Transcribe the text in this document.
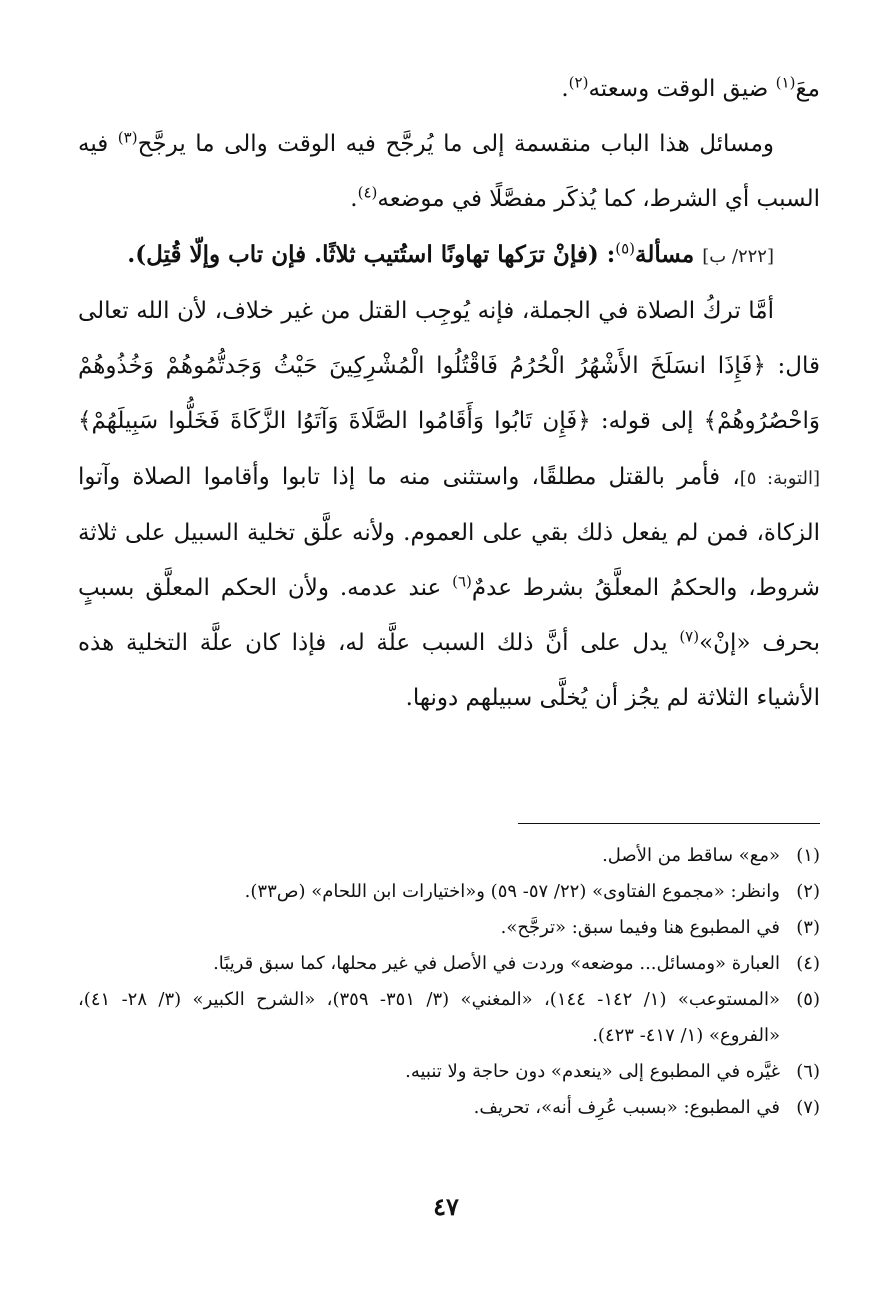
معَ$^{(١)}$ ضيق الوقت وسعته$^{(٢)}$.

ومسائل هذا الباب منقسمة إلى ما يُرجَّح فيه الوقت والى ما يرجَّح$^{(٣)}$ فيه السبب أي الشرط، كما يُذكَر مفصَّلًا في موضعه$^{(٤)}$.

[٢٢٢/ ب] مسألة$^{(٥)}$: (فإنْ ترَكها تهاونًا استُتيب ثلاثًا. فإن تاب وإلّا قُتِل).

أمَّا تركُ الصلاة في الجملة، فإنه يُوجِب القتل من غير خلاف، لأن الله تعالى قال: ﴿فَإِذَا انسَلَخَ الأَشْهُرُ الْحُرُمُ فَاقْتُلُوا الْمُشْرِكِينَ حَيْثُ وَجَدتُّمُوهُمْ وَخُذُوهُمْ وَاحْصُرُوهُمْ﴾ إلى قوله: ﴿فَإِن تَابُوا وَأَقَامُوا الصَّلَاةَ وَآتَوُا الزَّكَاةَ فَخَلُّوا سَبِيلَهُمْ﴾ [التوبة: ٥]، فأمر بالقتل مطلقًا، واستثنى منه ما إذا تابوا وأقاموا الصلاة وآتوا الزكاة، فمن لم يفعل ذلك بقي على العموم. ولأنه علَّق تخلية السبيل على ثلاثة شروط، والحكمُ المعلَّقُ بشرط عدمٌ$^{(٦)}$ عند عدمه. ولأن الحكم المعلَّق بسببٍ بحرف «إنْ»$^{(٧)}$ يدل على أنَّ ذلك السبب علَّة له، فإذا كان علَّة التخلية هذه الأشياء الثلاثة لم يجُز أن يُخلَّى سبيلهم دونها.

(١)
«مع» ساقط من الأصل.
(٢)
وانظر: «مجموع الفتاوى» (٢٢/ ٥٧- ٥٩) و«اختيارات ابن اللحام» (ص٣٣).
(٣)
في المطبوع هنا وفيما سبق: «ترجَّح».
(٤)
العبارة «ومسائل... موضعه» وردت في الأصل في غير محلها، كما سبق قريبًا.
(٥)
«المستوعب» (١/ ١٤٢- ١٤٤)، «المغني» (٣/ ٣٥١- ٣٥٩)، «الشرح الكبير» (٣/ ٢٨- ٤١)، «الفروع» (١/ ٤١٧- ٤٢٣).
(٦)
غيَّره في المطبوع إلى «ينعدم» دون حاجة ولا تنبيه.
(٧)
في المطبوع: «بسبب عُرِف أنه»، تحريف.
٤٧
